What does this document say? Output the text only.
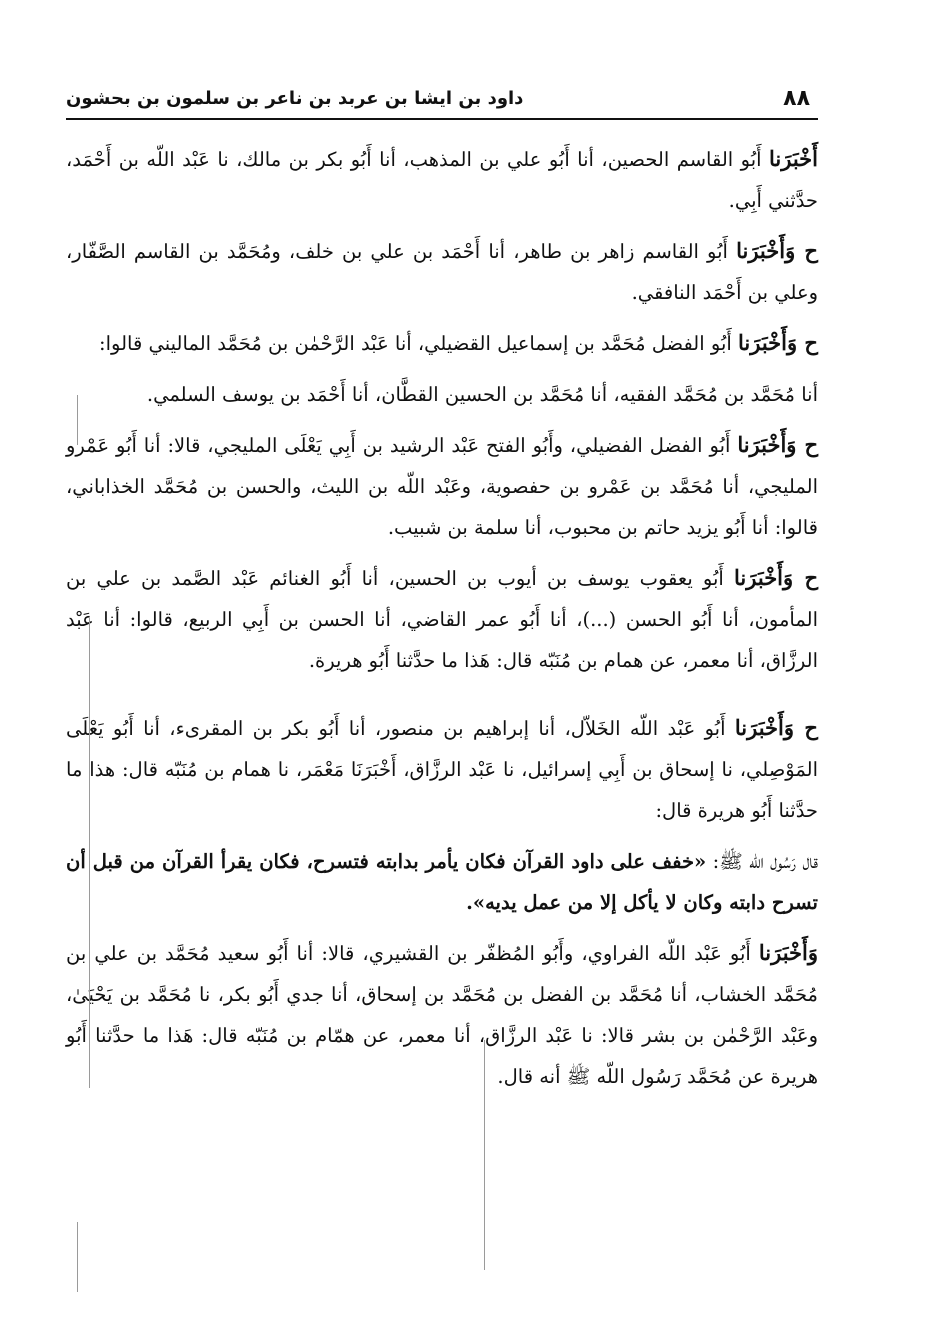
٨٨
داود بن ايشا بن عربد بن ناعر بن سلمون بن بحشون

أَخْبَرَنا أَبُو القاسم الحصين، أنا أَبُو علي بن المذهب، أنا أَبُو بكر بن مالك، نا عَبْد اللّه بن أَحْمَد، حدَّثني أَبِي.

ح وَأَخْبَرَنا أَبُو القاسم زاهر بن طاهر، أنا أَحْمَد بن علي بن خلف، ومُحَمَّد بن القاسم الصَّفّار، وعلي بن أَحْمَد النافقي.

ح وَأَخْبَرَنا أَبُو الفضل مُحَمَّد بن إسماعيل القضيلي، أنا عَبْد الرَّحْمٰن بن مُحَمَّد الماليني قالوا:

أنا مُحَمَّد بن مُحَمَّد الفقيه، أنا مُحَمَّد بن الحسين القطَّان، أنا أَحْمَد بن يوسف السلمي.

ح وَأَخْبَرَنا أَبُو الفضل الفضيلي، وأَبُو الفتح عَبْد الرشيد بن أَبِي يَعْلَى المليجي، قالا: أنا أَبُو عَمْرو المليجي، أنا مُحَمَّد بن عَمْرو بن حفصوية، وعَبْد اللّه بن الليث، والحسن بن مُحَمَّد الخذاباني، قالوا: أنا أَبُو يزيد حاتم بن محبوب، أنا سلمة بن شبيب.

ح وَأَخْبَرَنا أَبُو يعقوب يوسف بن أيوب بن الحسين، أنا أَبُو الغنائم عَبْد الصَّمد بن علي بن المأمون، أنا أَبُو الحسن (...)، أنا أَبُو عمر القاضي، أنا الحسن بن أَبِي الربيع، قالوا: أنا عَبْد الرزَّاق، أنا معمر، عن همام بن مُنَبّه قال: هَذا ما حدَّثنا أَبُو هريرة.

ح وَأَخْبَرَنا أَبُو عَبْد اللّه الخَلاّل، أنا إبراهيم بن منصور، أنا أَبُو بكر بن المقرىء، أنا أَبُو يَعْلَى المَوْصِلي، نا إسحاق بن أَبِي إسرائيل، نا عَبْد الرزَّاق، أَخْبَرَنَا مَعْمَر، نا همام بن مُنَبّه قال: هذا ما حدَّثنا أَبُو هريرة قال:

قال رَسُول اللّه ﷺ: «خفف على داود القرآن فكان يأمر بدابته فتسرح، فكان يقرأ القرآن من قبل أن تسرح دابته وكان لا يأكل إلا من عمل يديه».

وَأَخْبَرَنا أَبُو عَبْد اللّه الفراوي، وأَبُو المُظفّر بن القشيري، قالا: أنا أَبُو سعيد مُحَمَّد بن علي بن مُحَمَّد الخشاب، أنا مُحَمَّد بن الفضل بن مُحَمَّد بن إسحاق، أنا جدي أَبُو بكر، نا مُحَمَّد بن يَحْيَىٰ، وعَبْد الرَّحْمٰن بن بشر قالا: نا عَبْد الرزَّاق، أنا معمر، عن همّام بن مُنَبّه قال: هَذا ما حدَّثنا أَبُو هريرة عن مُحَمَّد رَسُول اللّه ﷺ أنه قال.
